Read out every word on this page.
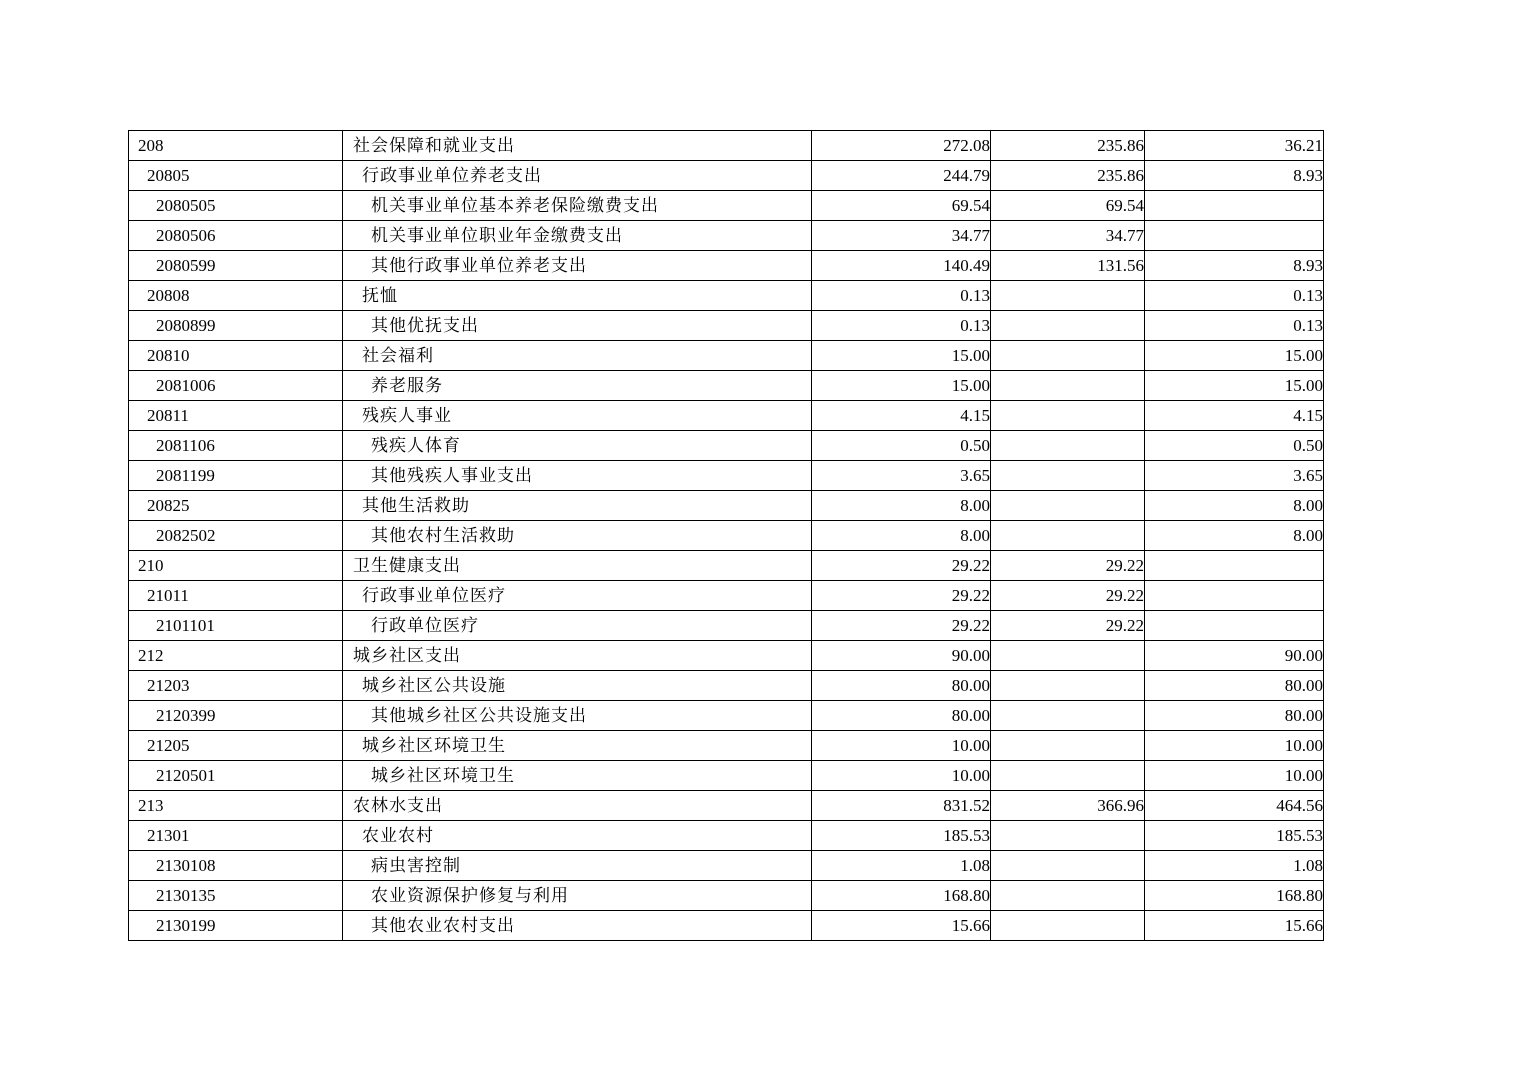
208	社会保障和就业支出	272.08	235.86	36.21
20805	行政事业单位养老支出	244.79	235.86	8.93
2080505	机关事业单位基本养老保险缴费支出	69.54	69.54	
2080506	机关事业单位职业年金缴费支出	34.77	34.77	
2080599	其他行政事业单位养老支出	140.49	131.56	8.93
20808	抚恤	0.13		0.13
2080899	其他优抚支出	0.13		0.13
20810	社会福利	15.00		15.00
2081006	养老服务	15.00		15.00
20811	残疾人事业	4.15		4.15
2081106	残疾人体育	0.50		0.50
2081199	其他残疾人事业支出	3.65		3.65
20825	其他生活救助	8.00		8.00
2082502	其他农村生活救助	8.00		8.00
210	卫生健康支出	29.22	29.22	
21011	行政事业单位医疗	29.22	29.22	
2101101	行政单位医疗	29.22	29.22	
212	城乡社区支出	90.00		90.00
21203	城乡社区公共设施	80.00		80.00
2120399	其他城乡社区公共设施支出	80.00		80.00
21205	城乡社区环境卫生	10.00		10.00
2120501	城乡社区环境卫生	10.00		10.00
213	农林水支出	831.52	366.96	464.56
21301	农业农村	185.53		185.53
2130108	病虫害控制	1.08		1.08
2130135	农业资源保护修复与利用	168.80		168.80
2130199	其他农业农村支出	15.66		15.66
